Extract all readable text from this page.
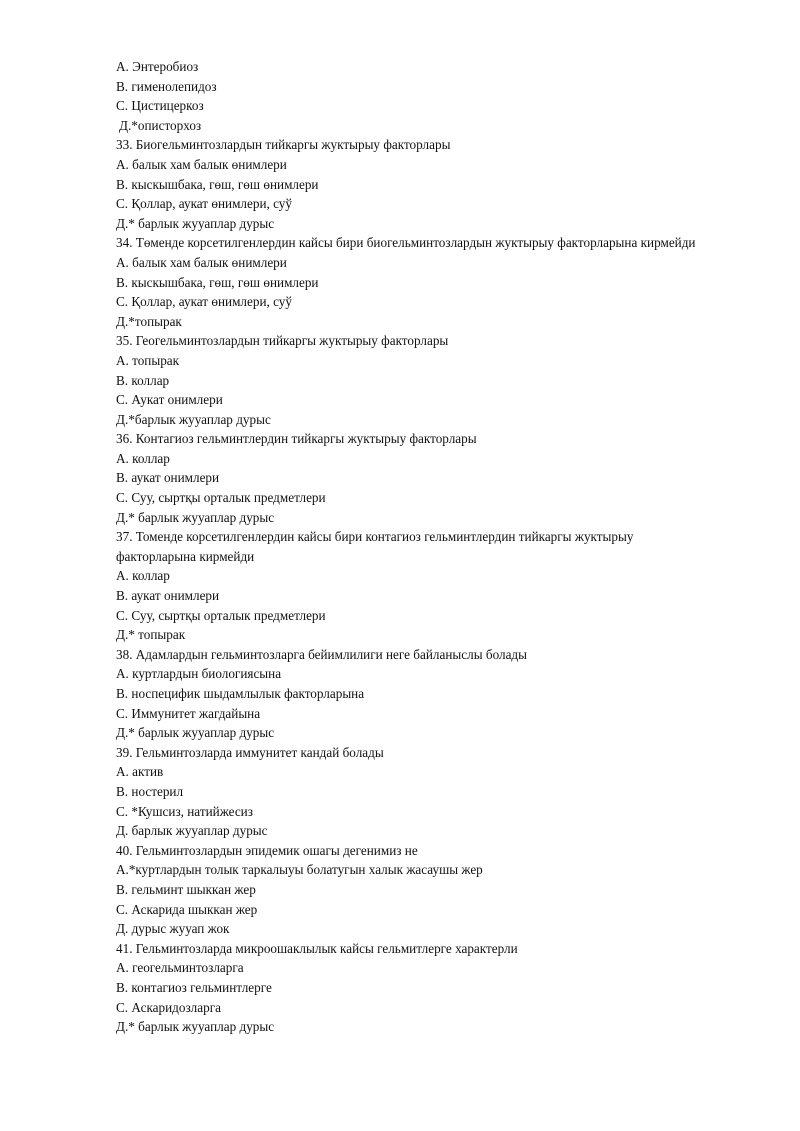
А. Энтеробиоз

В. гименолепидоз

С. Цистицеркоз

Д.*описторхоз

33. Биогельминтозлардын тийкаргы жуктырыу факторлары

А. балык хам балык өнимлери

В. кыскышбака, гөш, гөш өнимлери

С. Қоллар, аукат өнимлери, суў

Д.* барлык жууаплар дурыс

34. Төменде корсетилгенлердин кайсы бири биогельминтозлардын жуктырыу факторларына кирмейди

А. балык хам балык өнимлери

В. кыскышбака, гөш, гөш өнимлери

С. Қоллар, аукат өнимлери, суў

Д.*топырак

35. Геогельминтозлардын тийкаргы жуктырыу факторлары

А. топырак

В. коллар

С. Аукат онимлери

Д.*барлык жууаплар дурыс

36. Контагиоз гельминтлердин тийкаргы жуктырыу факторлары

А. коллар

В. аукат онимлери

С. Суу, сыртқы орталык предметлери

Д.* барлык жууаплар дурыс

37. Томенде корсетилгенлердин кайсы бири контагиоз гельминтлердин тийкаргы жуктырыу факторларына кирмейди

А. коллар

В. аукат онимлери

С. Суу, сыртқы орталык предметлери

Д.* топырак

38. Адамлардын гельминтозларга бейимлилиги неге байланыслы болады

А. куртлардын биологиясына

В. носпецифик шыдамлылык факторларына

С. Иммунитет жагдайына

Д.* барлык жууаплар дурыс

39. Гельминтозларда иммунитет кандай болады

А. актив

В. ностерил

С. *Кушсиз, натийжесиз

Д. барлык жууаплар дурыс

40. Гельминтозлардын эпидемик ошагы дегенимиз не

А.*куртлардын толык таркалыуы болатугын халык жасаушы жер

В. гельминт шыккан жер

С. Аскарида шыккан жер

Д. дурыс жууап жок

41. Гельминтозларда микроошаклылык кайсы гельмитлерге характерли

А. геогельминтозларга

В. контагиоз гельминтлерге

С. Аскаридозларга

Д.* барлык жууаплар дурыс
